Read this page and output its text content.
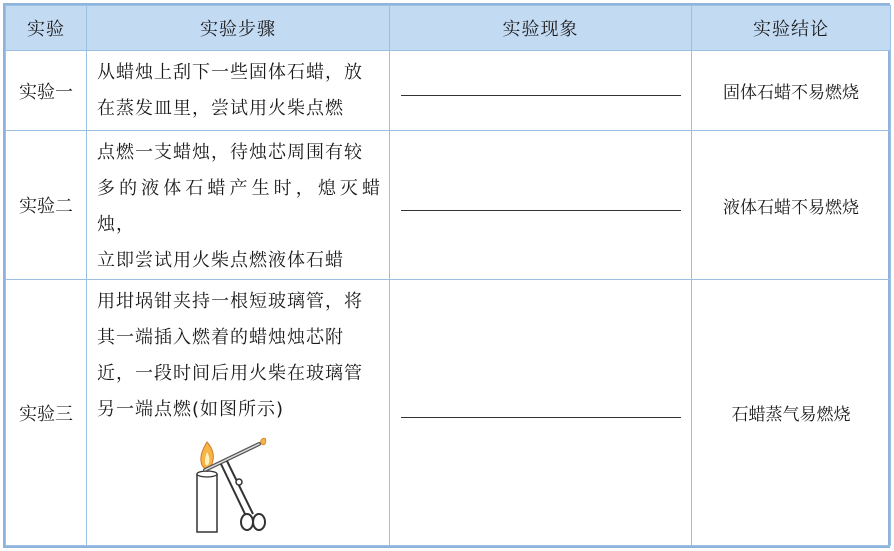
实验	实验步骤	实验现象	实验结论
实验一	从蜡烛上刮下一些固体石蜡，放
在蒸发皿里，尝试用火柴点燃		固体石蜡不易燃烧
实验二	点燃一支蜡烛，待烛芯周围有较
多的液体石蜡产生时，熄灭蜡烛，
立即尝试用火柴点燃液体石蜡		液体石蜡不易燃烧
实验三	用坩埚钳夹持一根短玻璃管，将
其一端插入燃着的蜡烛烛芯附
近，一段时间后用火柴在玻璃管
另一端点燃(如图所示)		石蜡蒸气易燃烧
